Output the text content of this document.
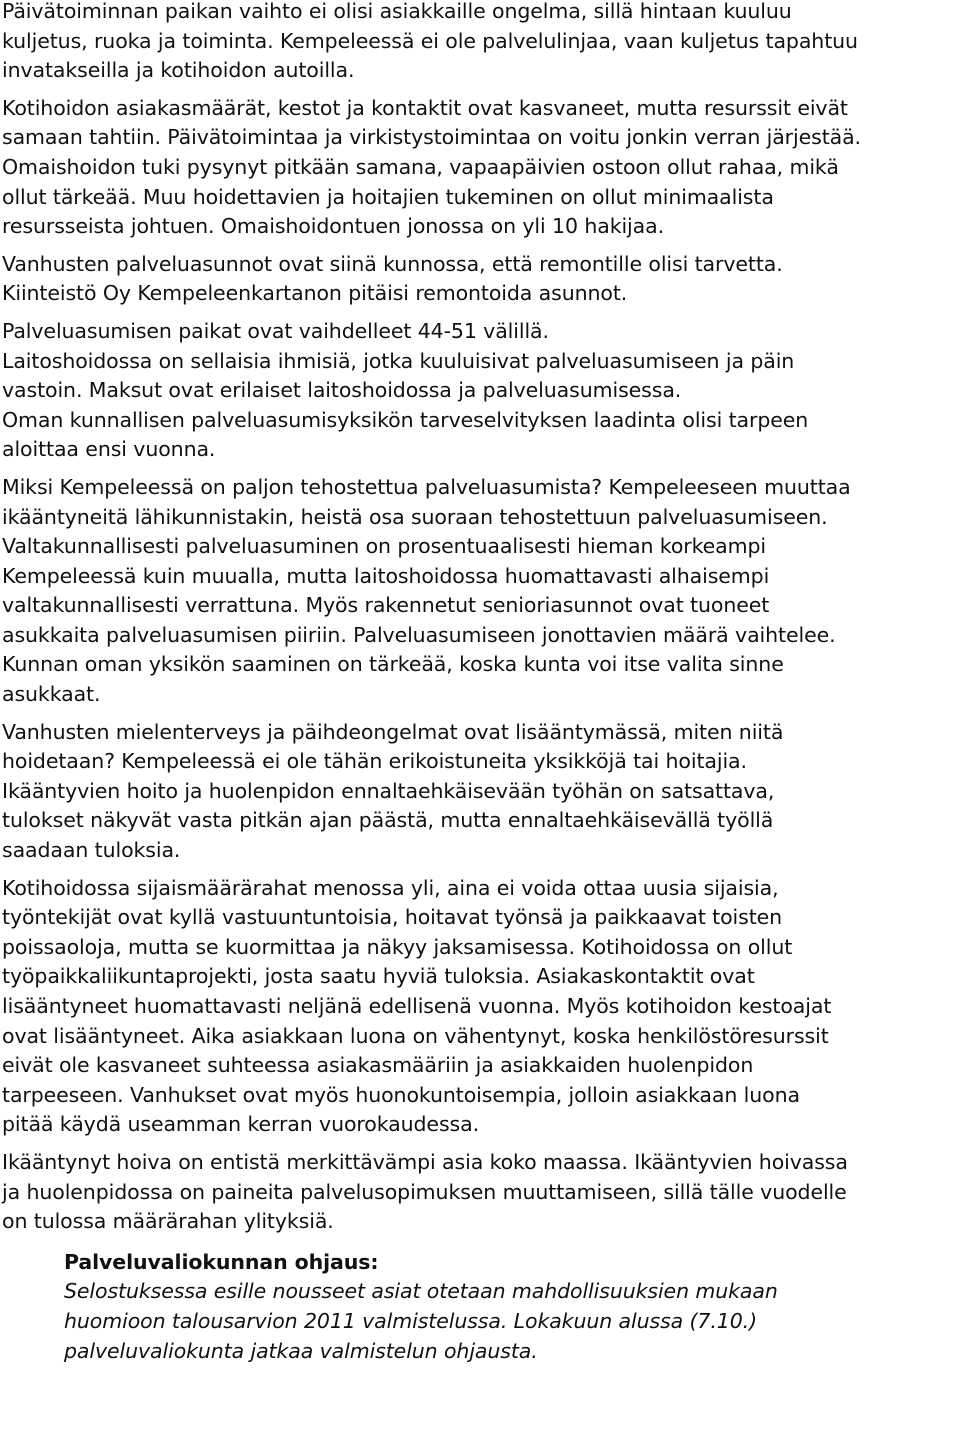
Päivätoiminnan paikan vaihto ei olisi asiakkaille ongelma, sillä hintaan kuuluu
kuljetus, ruoka ja toiminta. Kempeleessä ei ole palvelulinjaa, vaan kuljetus tapahtuu
invatakseilla ja kotihoidon autoilla.
Kotihoidon asiakasmäärät, kestot ja kontaktit ovat kasvaneet, mutta resurssit eivät
samaan tahtiin. Päivätoimintaa ja virkistystoimintaa on voitu jonkin verran järjestää.
Omaishoidon tuki pysynyt pitkään samana, vapaapäivien ostoon ollut rahaa, mikä
ollut tärkeää. Muu hoidettavien ja hoitajien tukeminen on ollut minimaalista
resursseista johtuen. Omaishoidontuen jonossa on yli 10 hakijaa.
Vanhusten palveluasunnot ovat siinä kunnossa, että remontille olisi tarvetta.
Kiinteistö Oy Kempeleenkartanon pitäisi remontoida asunnot.
Palveluasumisen paikat ovat vaihdelleet 44-51 välillä.
Laitoshoidossa on sellaisia ihmisiä, jotka kuuluisivat palveluasumiseen ja päin
vastoin. Maksut ovat erilaiset laitoshoidossa ja palveluasumisessa.
Oman kunnallisen palveluasumisyksikön tarveselvityksen laadinta olisi tarpeen
aloittaa ensi vuonna.
Miksi Kempeleessä on paljon tehostettua palveluasumista? Kempeleeseen muuttaa
ikääntyneitä lähikunnistakin, heistä osa suoraan tehostettuun palveluasumiseen.
Valtakunnallisesti palveluasuminen on prosentuaalisesti hieman korkeampi
Kempeleessä kuin muualla, mutta laitoshoidossa huomattavasti alhaisempi
valtakunnallisesti verrattuna. Myös rakennetut senioriasunnot ovat tuoneet
asukkaita palveluasumisen piiriin. Palveluasumiseen jonottavien määrä vaihtelee.
Kunnan oman yksikön saaminen on tärkeää, koska kunta voi itse valita sinne
asukkaat.
Vanhusten mielenterveys ja päihdeongelmat ovat lisääntymässä, miten niitä
hoidetaan? Kempeleessä ei ole tähän erikoistuneita yksikköjä tai hoitajia.
Ikääntyvien hoito ja huolenpidon ennaltaehkäisevään työhän on satsattava,
tulokset näkyvät vasta pitkän ajan päästä, mutta ennaltaehkäisevällä työllä
saadaan tuloksia.
Kotihoidossa sijaismäärärahat menossa yli, aina ei voida ottaa uusia sijaisia,
työntekijät ovat kyllä vastuuntuntoisia, hoitavat työnsä ja paikkaavat toisten
poissaoloja, mutta se kuormittaa ja näkyy jaksamisessa. Kotihoidossa on ollut
työpaikkaliikuntaprojekti, josta saatu hyviä tuloksia. Asiakaskontaktit ovat
lisääntyneet huomattavasti neljänä edellisenä vuonna. Myös kotihoidon kestoajat
ovat lisääntyneet. Aika asiakkaan luona on vähentynyt, koska henkilöstöresurssit
eivät ole kasvaneet suhteessa asiakasmääriin ja asiakkaiden huolenpidon
tarpeeseen. Vanhukset ovat myös huonokuntoisempia, jolloin asiakkaan luona
pitää käydä useamman kerran vuorokaudessa.
Ikääntynyt hoiva on entistä merkittävämpi asia koko maassa. Ikääntyvien hoivassa
ja huolenpidossa on paineita palvelusopimuksen muuttamiseen, sillä tälle vuodelle
on tulossa määrärahan ylityksiä.
Palveluvaliokunnan ohjaus:
Selostuksessa esille nousseet asiat otetaan mahdollisuuksien mukaan
huomioon talousarvion 2011 valmistelussa. Lokakuun alussa (7.10.)
palveluvaliokunta jatkaa valmistelun ohjausta.
